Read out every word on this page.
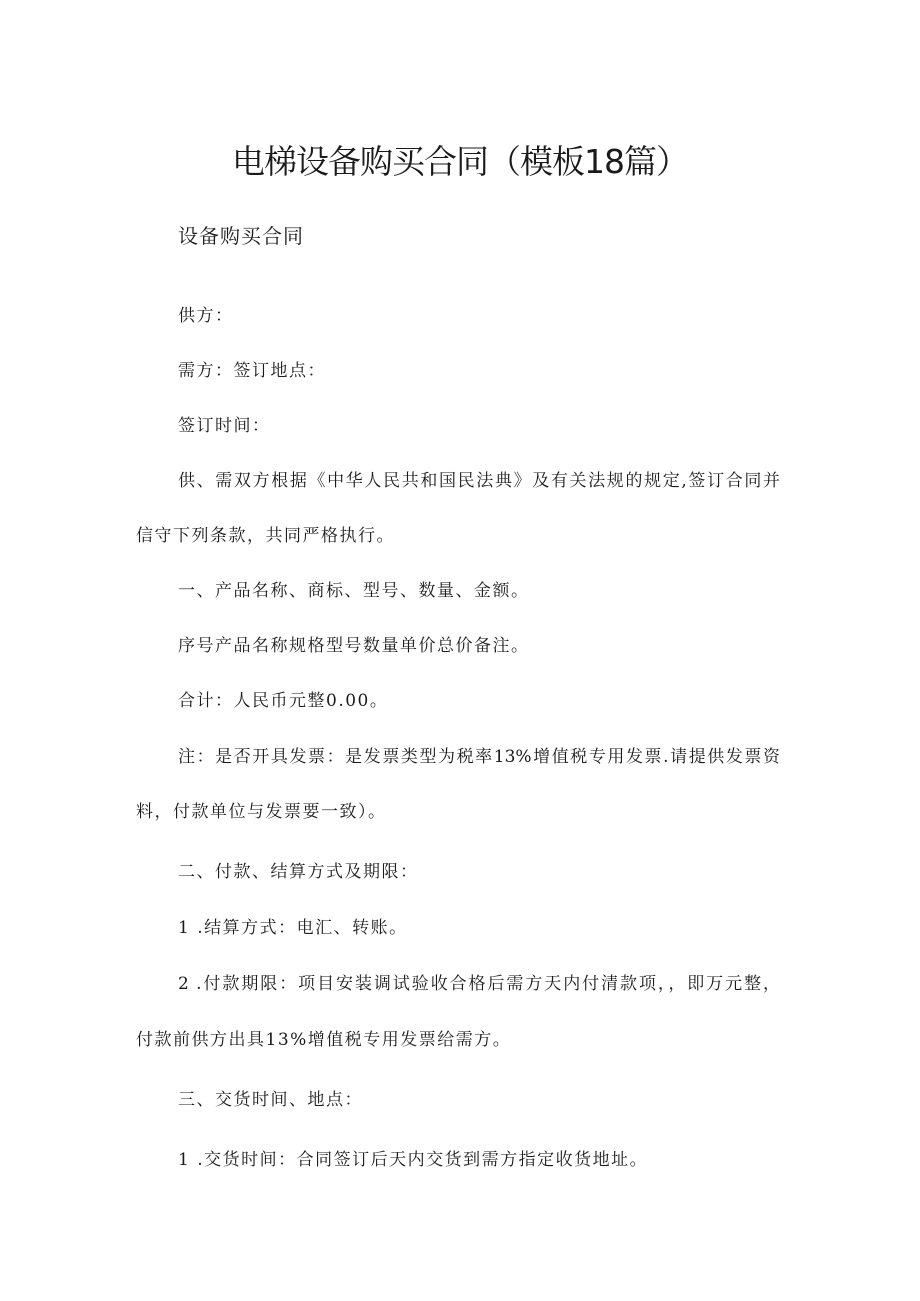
电梯设备购买合同（模板18篇）

设备购买合同

供方：

需方：签订地点：

签订时间：

供、需双方根据《中华人民共和国民法典》及有关法规的规定,签订合同并

信守下列条款，共同严格执行。

一、产品名称、商标、型号、数量、金额。

序号产品名称规格型号数量单价总价备注。

合计：人民币元整0.00。

注：是否开具发票：是发票类型为税率13%增值税专用发票.请提供发票资

料，付款单位与发票要一致）。

二、付款、结算方式及期限：

1 .结算方式：电汇、转账。

2 .付款期限：项目安装调试验收合格后需方天内付清款项，，即万元整，

付款前供方出具13%增值税专用发票给需方。

三、交货时间、地点：

1 .交货时间：合同签订后天内交货到需方指定收货地址。
